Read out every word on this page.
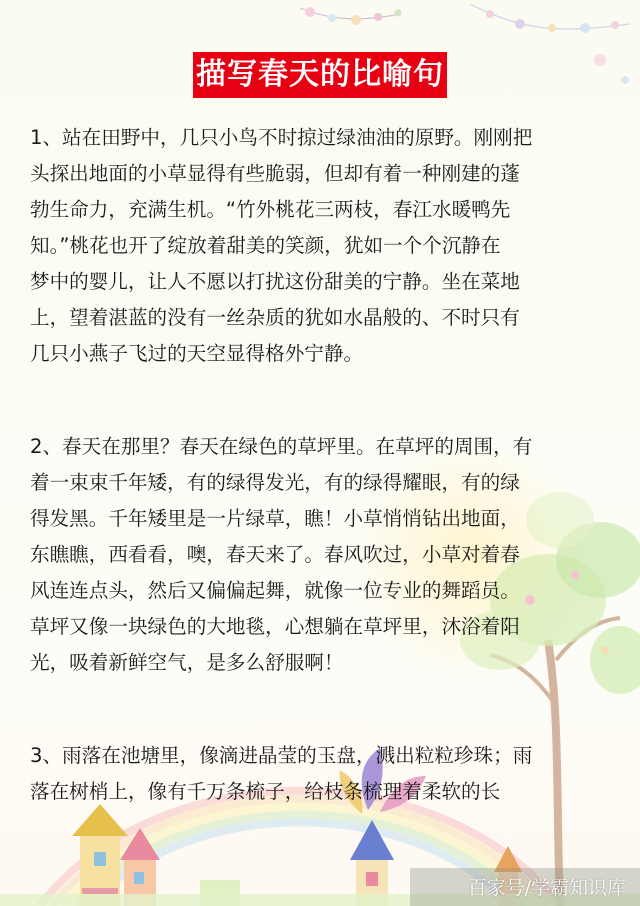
描写春天的比喻句

1、站在田野中，几只小鸟不时掠过绿油油的原野。刚刚把
头探出地面的小草显得有些脆弱，但却有着一种刚建的蓬
勃生命力，充满生机。“竹外桃花三两枝，春江水暖鸭先
知。”桃花也开了绽放着甜美的笑颜，犹如一个个沉静在
梦中的婴儿，让人不愿以打扰这份甜美的宁静。坐在菜地
上，望着湛蓝的没有一丝杂质的犹如水晶般的、不时只有
几只小燕子飞过的天空显得格外宁静。

2、春天在那里？春天在绿色的草坪里。在草坪的周围，有
着一束束千年矮，有的绿得发光，有的绿得耀眼，有的绿
得发黑。千年矮里是一片绿草，瞧！小草悄悄钻出地面，
东瞧瞧，西看看，噢，春天来了。春风吹过，小草对着春
风连连点头，然后又偏偏起舞，就像一位专业的舞蹈员。
草坪又像一块绿色的大地毯，心想躺在草坪里，沐浴着阳
光，吸着新鲜空气，是多么舒服啊！

3、雨落在池塘里，像滴进晶莹的玉盘，溅出粒粒珍珠；雨
落在树梢上，像有千万条梳子，给枝条梳理着柔软的长

百家号/学霸知识库
